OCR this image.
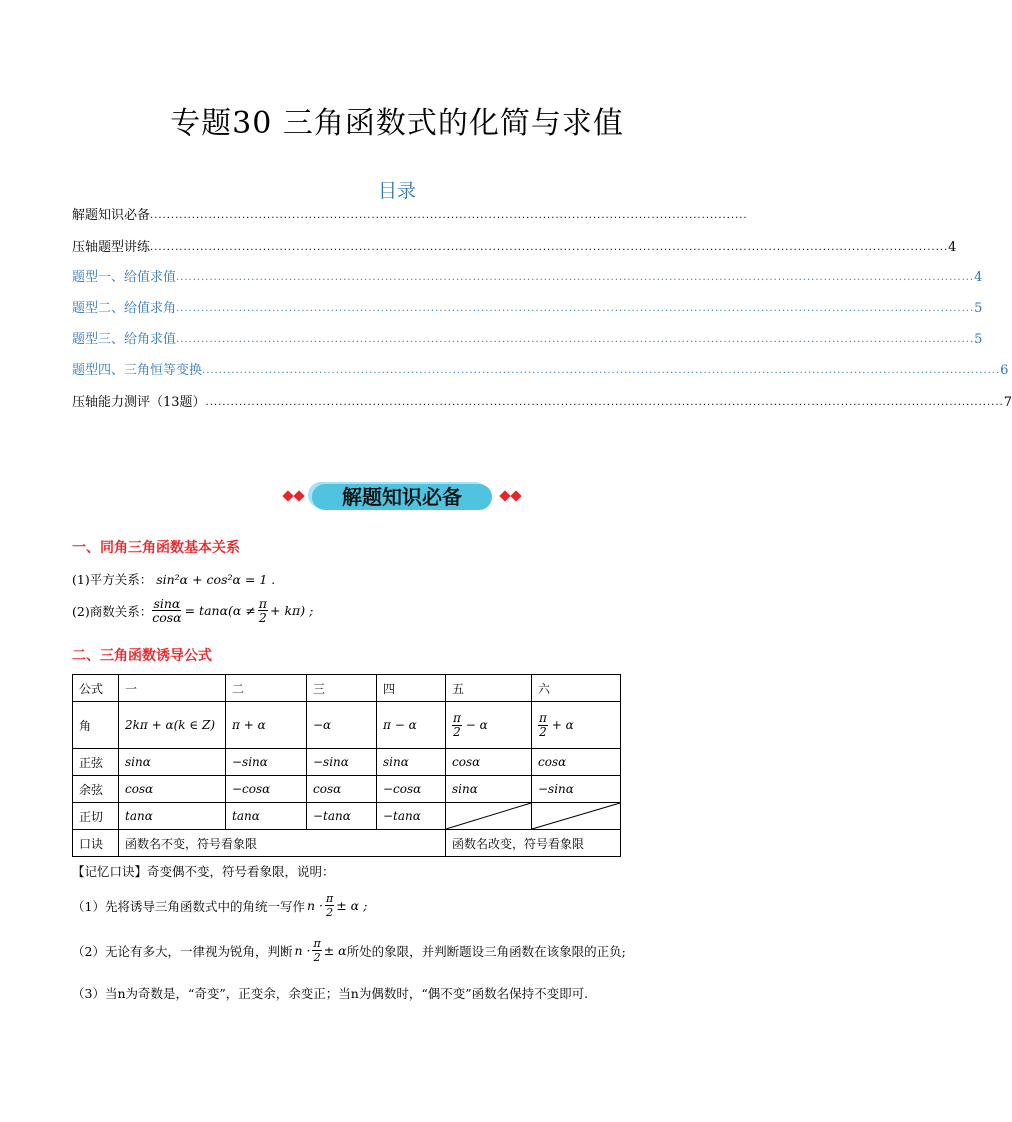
专题30 三角函数式的化简与求值
目录
解题知识必备 ...............................................................................................................................................
压轴题型讲练 ............................................................................................................................................................................................... 4
题型一、给值求值 ............................................................................................................................................................................................... 4
题型二、给值求角 ............................................................................................................................................................................................... 5
题型三、给角求值 ............................................................................................................................................................................................... 5
题型四、三角恒等变换 ............................................................................................................................................................................................... 6
压轴能力测评（13题） ............................................................................................................................................................................................... 7
解题知识必备
一、同角三角函数基本关系
(1)平方关系： sin²α + cos²α = 1 .
(2)商数关系： $\frac{\sin\alpha}{\cos\alpha} = \tan\alpha(\alpha \ne \frac{\pi}{2} + k\pi)$ ;
二、三角函数诱导公式
公式	一	二	三	四	五	六
角	2kπ + α(k ∈ Z)	π + α	−α	π − α	$\frac{\pi}{2} - \alpha$	$\frac{\pi}{2} + \alpha$
正弦	sinα	−sinα	−sinα	sinα	cosα	cosα
余弦	cosα	−cosα	cosα	−cosα	sinα	−sinα
正切	tanα	tanα	−tanα	−tanα	

口诀	函数名不变，符号看象限				函数名改变，符号看象限	
【记忆口诀】奇变偶不变，符号看象限，说明：
（1）先将诱导三角函数式中的角统一写作 $n \cdot \frac{\pi}{2} \pm \alpha$ ;
（2）无论有多大，一律视为锐角，判断 $n \cdot \frac{\pi}{2} \pm \alpha$ 所处的象限，并判断题设三角函数在该象限的正负;
（3）当n为奇数是，“奇变”，正变余，余变正；当n为偶数时，“偶不变”函数名保持不变即可.
